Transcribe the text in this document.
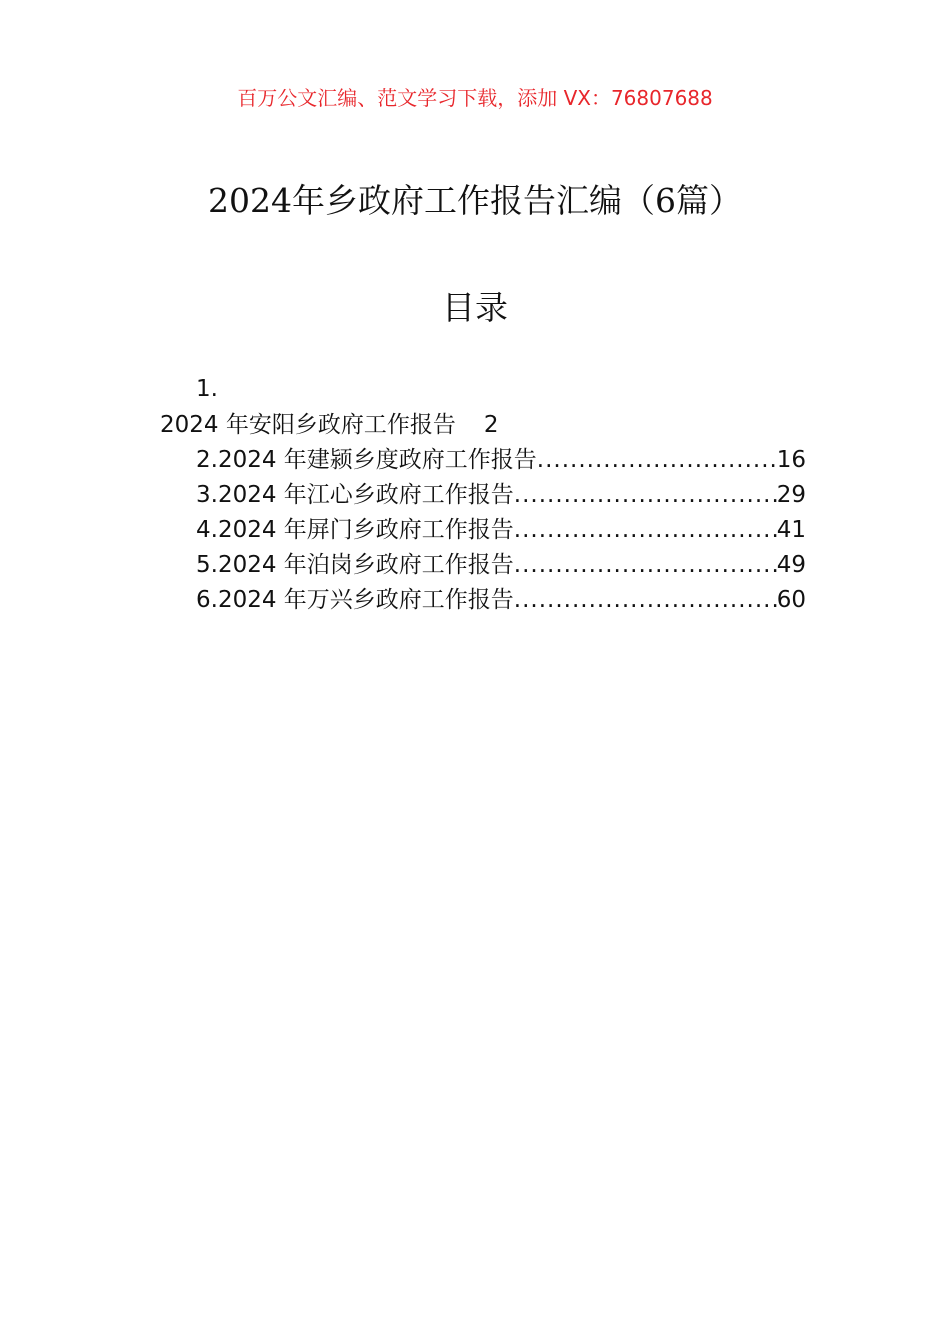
百万公文汇编、范文学习下载，添加 VX：76807688
2024年乡政府工作报告汇编（6篇）
目录
1.
2024 年安阳乡政府工作报告 2
2.2024 年建颍乡度政府工作报告 .....	16
3.2024 年江心乡政府工作报告 .....	29
4.2024 年屏门乡政府工作报告 .....	41
5.2024 年泊岗乡政府工作报告 .....	49
6.2024 年万兴乡政府工作报告 .....	60
